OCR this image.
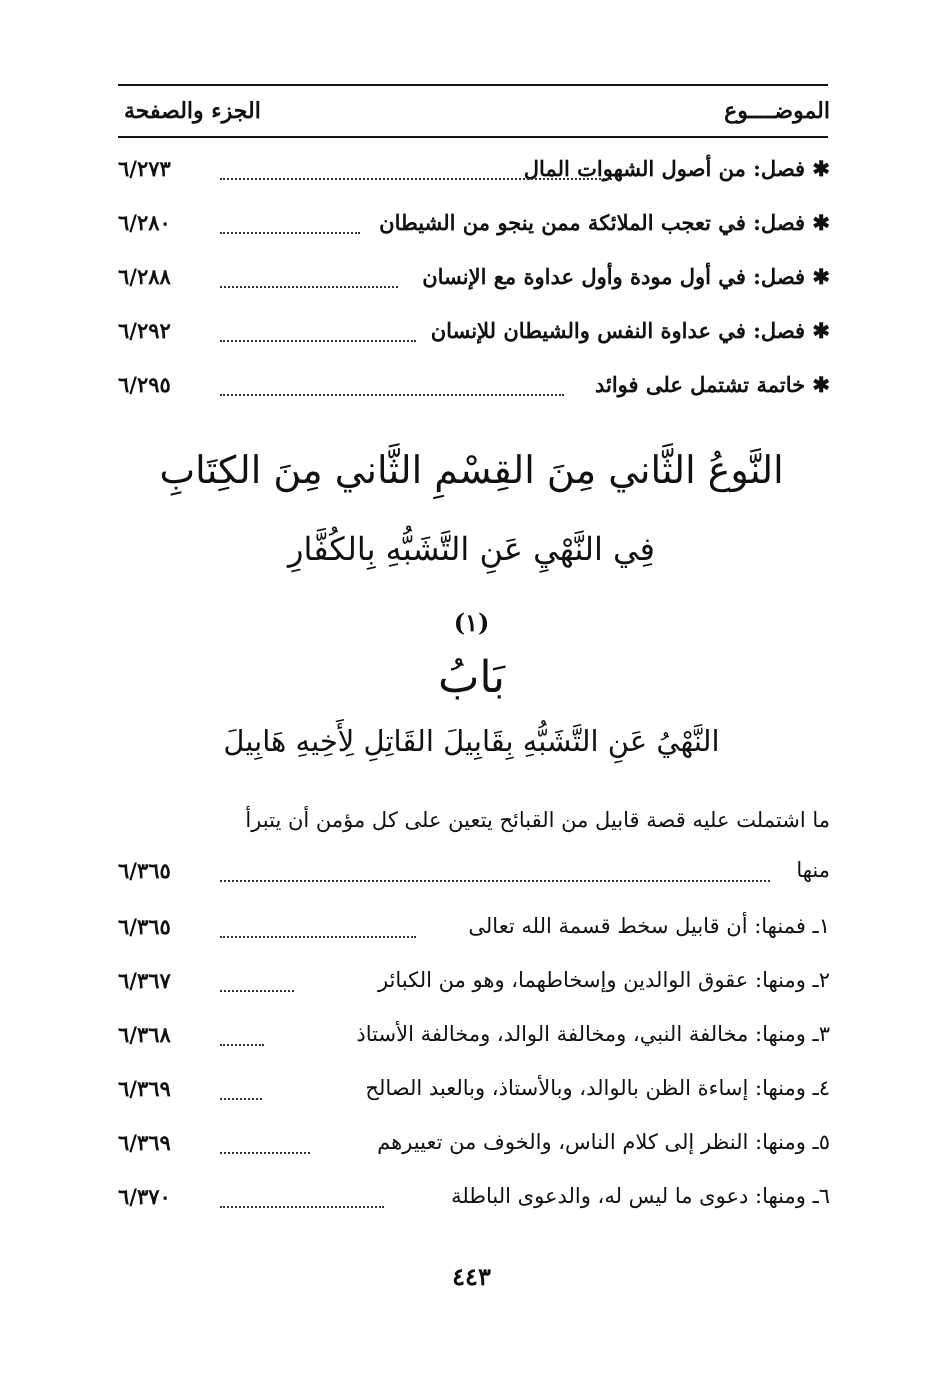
الموضــــوع
الجزء والصفحة
✱ فصل: من أصول الشهوات المال
٦/٢٧٣
✱ فصل: في تعجب الملائكة ممن ينجو من الشيطان
٦/٢٨٠
✱ فصل: في أول مودة وأول عداوة مع الإنسان
٦/٢٨٨
✱ فصل: في عداوة النفس والشيطان للإنسان
٦/٢٩٢
✱ خاتمة تشتمل على فوائد
٦/٢٩٥
النَّوعُ الثَّاني مِنَ القِسْمِ الثَّاني مِنَ الكِتَابِ
فِي النَّهْيِ عَنِ التَّشَبُّهِ بِالكُفَّارِ
(١)
بَابُ
النَّهْيُ عَنِ التَّشَبُّهِ بِقَابِيلَ القَاتِلِ لِأَخِيهِ هَابِيلَ
ما اشتملت عليه قصة قابيل من القبائح يتعين على كل مؤمن أن يتبرأ
منها
٦/٣٦٥
١ـ فمنها: أن قابيل سخط قسمة الله تعالى
٦/٣٦٥
٢ـ ومنها: عقوق الوالدين وإسخاطهما، وهو من الكبائر
٦/٣٦٧
٣ـ ومنها: مخالفة النبي، ومخالفة الوالد، ومخالفة الأستاذ
٦/٣٦٨
٤ـ ومنها: إساءة الظن بالوالد، وبالأستاذ، وبالعبد الصالح
٦/٣٦٩
٥ـ ومنها: النظر إلى كلام الناس، والخوف من تعييرهم
٦/٣٦٩
٦ـ ومنها: دعوى ما ليس له، والدعوى الباطلة
٦/٣٧٠
٤٤٣
